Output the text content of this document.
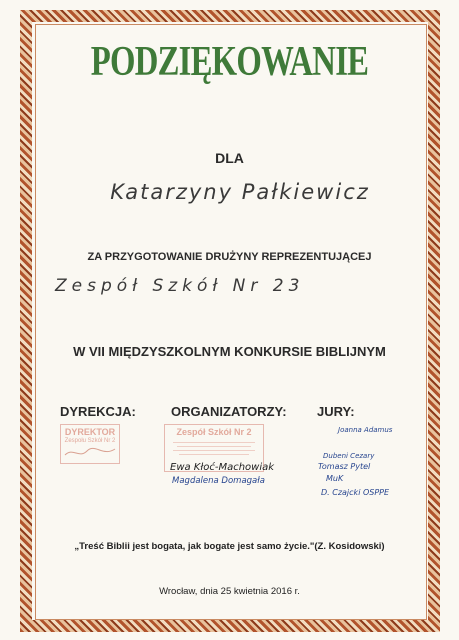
PODZIĘKOWANIE
DLA
Katarzyny Pałkiewicz
ZA PRZYGOTOWANIE DRUŻYNY REPREZENTUJĄCEJ
Zespół Szkół Nr 23
W VII MIĘDZYSZKOLNYM KONKURSIE BIBLIJNYM
DYREKCJA:	ORGANIZATORZY: JURY:
DYREKTOR
Zespołu Szkół Nr 2
Zespół Szkół Nr 2
Ewa Kłoć-Machowiak
Magdalena Domagała
Joanna Adamus
Dubeni Cezary
Tomasz Pytel
MuK
D. Czajcki OSPPE
„Treść Biblii jest bogata, jak bogate jest samo życie."(Z. Kosidowski)
Wrocław, dnia 25 kwietnia 2016 r.
